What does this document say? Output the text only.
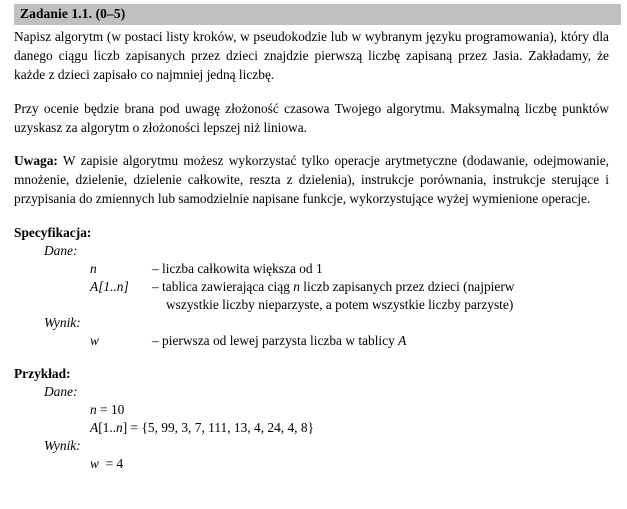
Zadanie 1.1. (0–5)

Napisz algorytm (w postaci listy kroków, w pseudokodzie lub w wybranym języku programowania), który dla danego ciągu liczb zapisanych przez dzieci znajdzie pierwszą liczbę zapisaną przez Jasia. Zakładamy, że każde z dzieci zapisało co najmniej jedną liczbę.

Przy ocenie będzie brana pod uwagę złożoność czasowa Twojego algorytmu. Maksymalną liczbę punktów uzyskasz za algorytm o złożoności lepszej niż liniowa.

Uwaga: W zapisie algorytmu możesz wykorzystać tylko operacje arytmetyczne (dodawanie, odejmowanie, mnożenie, dzielenie, dzielenie całkowite, reszta z dzielenia), instrukcje porównania, instrukcje sterujące i przypisania do zmiennych lub samodzielnie napisane funkcje, wykorzystujące wyżej wymienione operacje.

Specyfikacja:
Dane:
n	– liczba całkowita większa od 1
A[1..n]	– tablica zawierająca ciąg n liczb zapisanych przez dzieci (najpierw
wszystkie liczby nieparzyste, a potem wszystkie liczby parzyste)
Wynik:
w	– pierwsza od lewej parzysta liczba w tablicy A
Przykład:
Dane:
n = 10
A[1..n] = {5, 99, 3, 7, 111, 13, 4, 24, 4, 8}
Wynik:
w  = 4
